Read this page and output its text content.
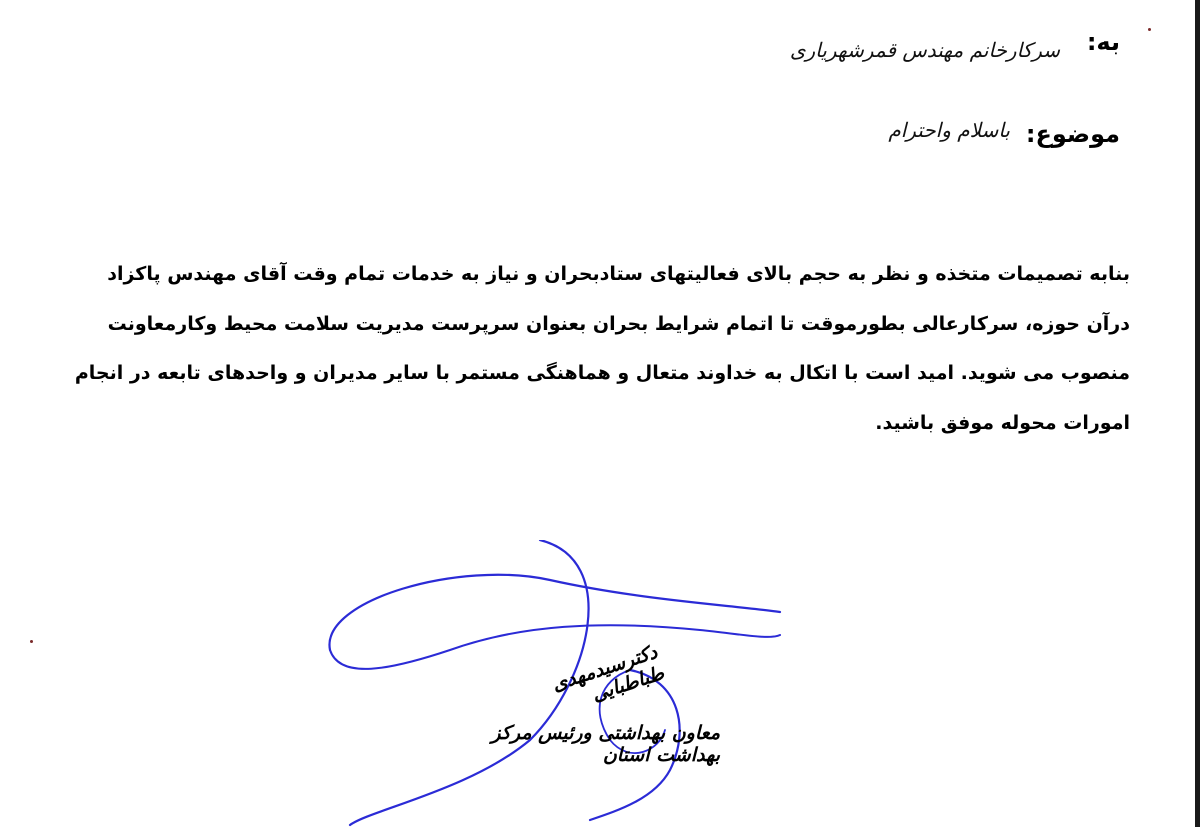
به:
سرکارخانم مهندس قمرشهریاری
موضوع:
باسلام واحترام
بنابه تصمیمات متخذه و نظر به حجم بالای فعالیتهای ستادبحران و نیاز به خدمات تمام وقت آقای مهندس پاکزاد
درآن حوزه، سرکارعالی بطورموقت تا اتمام شرایط بحران بعنوان سرپرست مدیریت سلامت محیط وکارمعاونت
منصوب می شوید. امید است با اتکال به خداوند متعال و هماهنگی مستمر با سایر مدیران و واحدهای تابعه در انجام
امورات محوله موفق باشید.
دکترسیدمهدی طباطبایی
معاون بهداشتی ورئیس مرکز بهداشت استان
